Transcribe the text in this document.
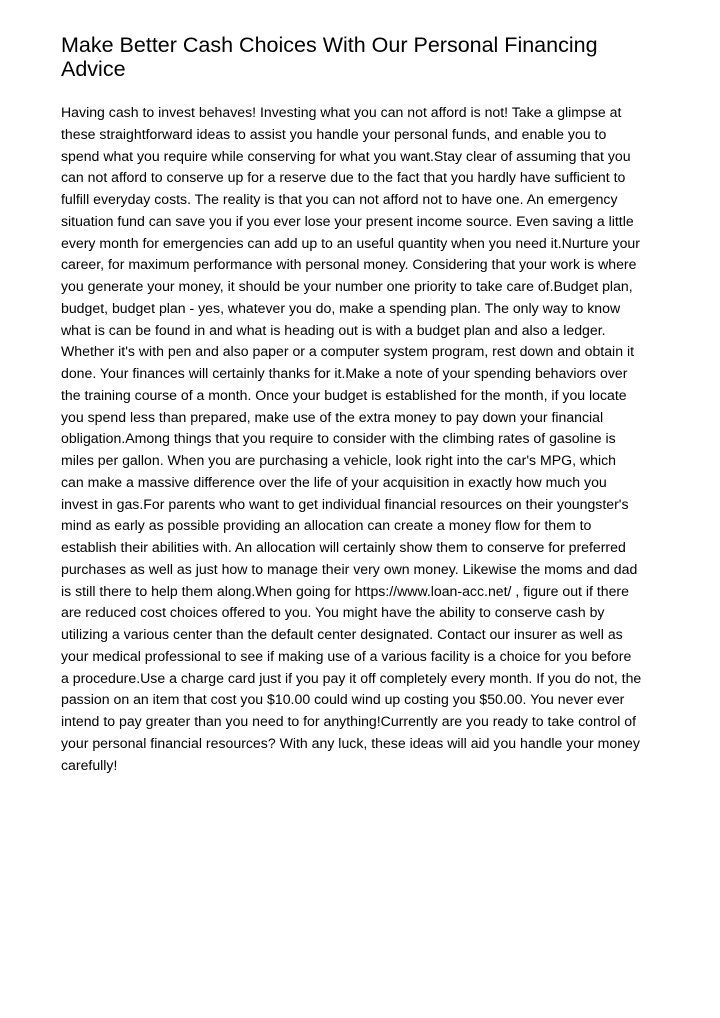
Make Better Cash Choices With Our Personal Financing
Advice
Having cash to invest behaves! Investing what you can not afford is not! Take a glimpse at
these straightforward ideas to assist you handle your personal funds, and enable you to
spend what you require while conserving for what you want.Stay clear of assuming that you
can not afford to conserve up for a reserve due to the fact that you hardly have sufficient to
fulfill everyday costs. The reality is that you can not afford not to have one. An emergency
situation fund can save you if you ever lose your present income source. Even saving a little
every month for emergencies can add up to an useful quantity when you need it.Nurture your
career, for maximum performance with personal money. Considering that your work is where
you generate your money, it should be your number one priority to take care of.Budget plan,
budget, budget plan - yes, whatever you do, make a spending plan. The only way to know
what is can be found in and what is heading out is with a budget plan and also a ledger.
Whether it's with pen and also paper or a computer system program, rest down and obtain it
done. Your finances will certainly thanks for it.Make a note of your spending behaviors over
the training course of a month. Once your budget is established for the month, if you locate
you spend less than prepared, make use of the extra money to pay down your financial
obligation.Among things that you require to consider with the climbing rates of gasoline is
miles per gallon. When you are purchasing a vehicle, look right into the car's MPG, which
can make a massive difference over the life of your acquisition in exactly how much you
invest in gas.For parents who want to get individual financial resources on their youngster's
mind as early as possible providing an allocation can create a money flow for them to
establish their abilities with. An allocation will certainly show them to conserve for preferred
purchases as well as just how to manage their very own money. Likewise the moms and dad
is still there to help them along.When going for https://www.loan-acc.net/ , figure out if there
are reduced cost choices offered to you. You might have the ability to conserve cash by
utilizing a various center than the default center designated. Contact our insurer as well as
your medical professional to see if making use of a various facility is a choice for you before
a procedure.Use a charge card just if you pay it off completely every month. If you do not, the
passion on an item that cost you $10.00 could wind up costing you $50.00. You never ever
intend to pay greater than you need to for anything!Currently are you ready to take control of
your personal financial resources? With any luck, these ideas will aid you handle your money
carefully!
